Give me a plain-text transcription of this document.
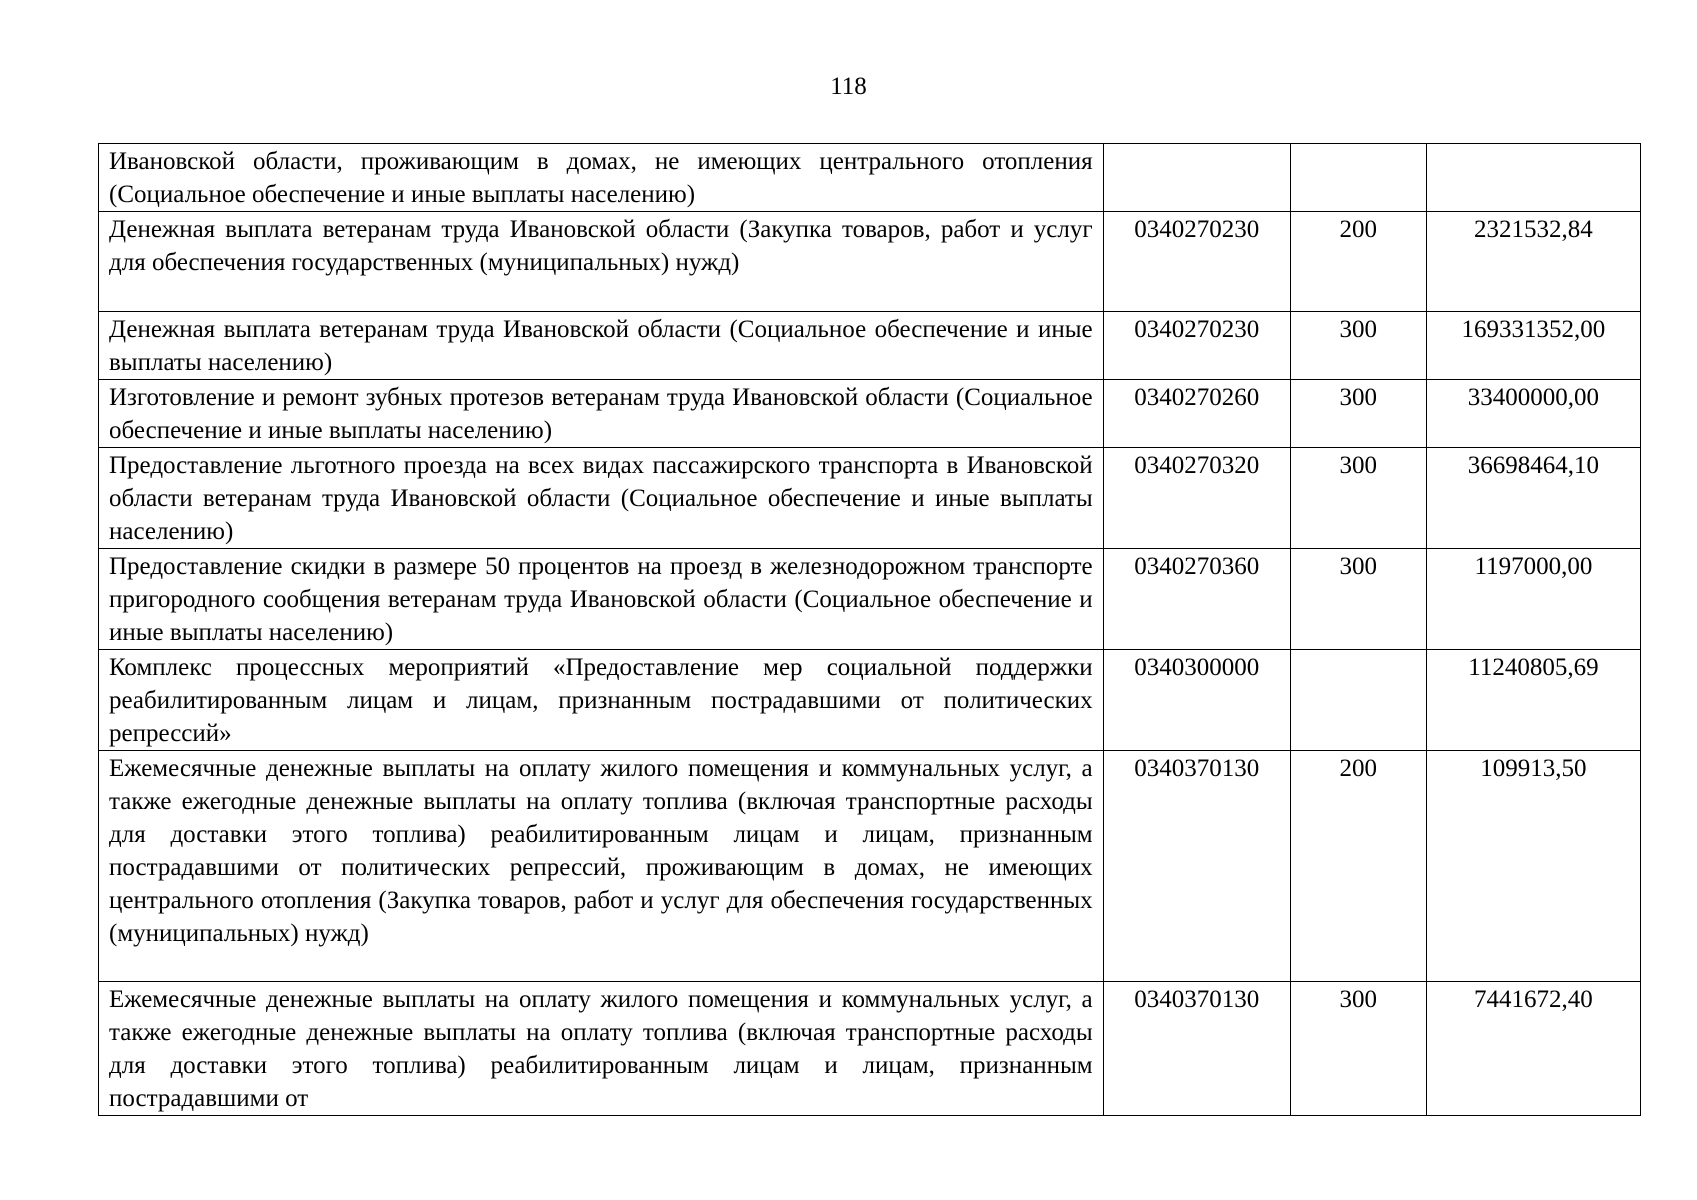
118
Ивановской области, проживающим в домах, не имеющих центрального отопления (Социальное обеспечение и иные выплаты населению)			
Денежная выплата ветеранам труда Ивановской области (Закупка товаров, работ и услуг для обеспечения государственных (муниципальных) нужд)	0340270230	200	2321532,84
Денежная выплата ветеранам труда Ивановской области (Социальное обеспечение и иные выплаты населению)	0340270230	300	169331352,00
Изготовление и ремонт зубных протезов ветеранам труда Ивановской области (Социальное обеспечение и иные выплаты населению)	0340270260	300	33400000,00
Предоставление льготного проезда на всех видах пассажирского транспорта в Ивановской области ветеранам труда Ивановской области (Социальное обеспечение и иные выплаты населению)	0340270320	300	36698464,10
Предоставление скидки в размере 50 процентов на проезд в железнодорожном транспорте пригородного сообщения ветеранам труда Ивановской области (Социальное обеспечение и иные выплаты населению)	0340270360	300	1197000,00
Комплекс процессных мероприятий «Предоставление мер социальной поддержки реабилитированным лицам и лицам, признанным пострадавшими от политических репрессий»	0340300000		11240805,69
Ежемесячные денежные выплаты на оплату жилого помещения и коммунальных услуг, а также ежегодные денежные выплаты на оплату топлива (включая транспортные расходы для доставки этого топлива) реабилитированным лицам и лицам, признанным пострадавшими от политических репрессий, проживающим в домах, не имеющих центрального отопления (Закупка товаров, работ и услуг для обеспечения государственных (муниципальных) нужд)	0340370130	200	109913,50
Ежемесячные денежные выплаты на оплату жилого помещения и коммунальных услуг, а также ежегодные денежные выплаты на оплату топлива (включая транспортные расходы для доставки этого топлива) реабилитированным лицам и лицам, признанным пострадавшими от	0340370130	300	7441672,40
